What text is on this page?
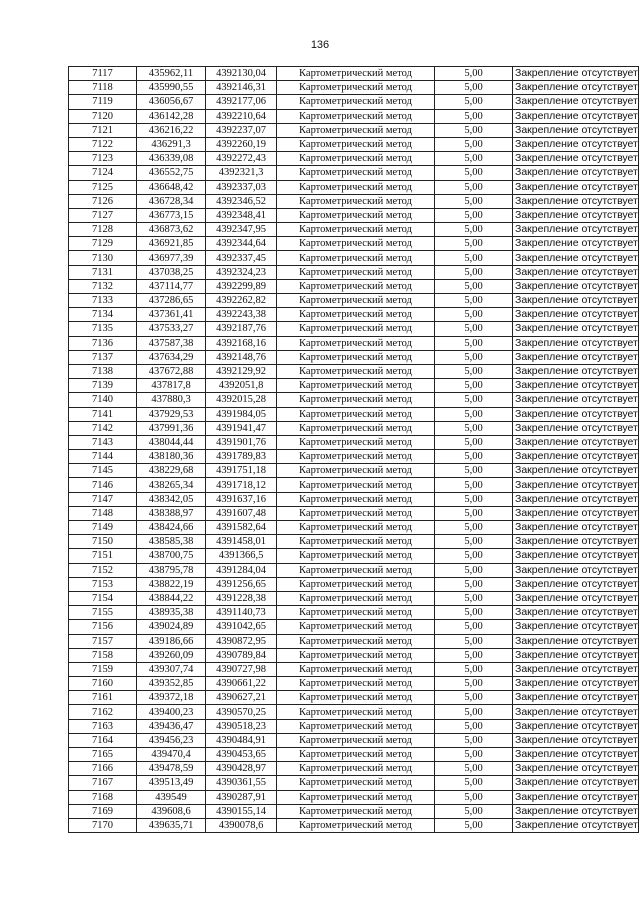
136
7117	435962,11	4392130,04	Картометрический метод	5,00	Закрепление отсутствует
7118	435990,55	4392146,31	Картометрический метод	5,00	Закрепление отсутствует
7119	436056,67	4392177,06	Картометрический метод	5,00	Закрепление отсутствует
7120	436142,28	4392210,64	Картометрический метод	5,00	Закрепление отсутствует
7121	436216,22	4392237,07	Картометрический метод	5,00	Закрепление отсутствует
7122	436291,3	4392260,19	Картометрический метод	5,00	Закрепление отсутствует
7123	436339,08	4392272,43	Картометрический метод	5,00	Закрепление отсутствует
7124	436552,75	4392321,3	Картометрический метод	5,00	Закрепление отсутствует
7125	436648,42	4392337,03	Картометрический метод	5,00	Закрепление отсутствует
7126	436728,34	4392346,52	Картометрический метод	5,00	Закрепление отсутствует
7127	436773,15	4392348,41	Картометрический метод	5,00	Закрепление отсутствует
7128	436873,62	4392347,95	Картометрический метод	5,00	Закрепление отсутствует
7129	436921,85	4392344,64	Картометрический метод	5,00	Закрепление отсутствует
7130	436977,39	4392337,45	Картометрический метод	5,00	Закрепление отсутствует
7131	437038,25	4392324,23	Картометрический метод	5,00	Закрепление отсутствует
7132	437114,77	4392299,89	Картометрический метод	5,00	Закрепление отсутствует
7133	437286,65	4392262,82	Картометрический метод	5,00	Закрепление отсутствует
7134	437361,41	4392243,38	Картометрический метод	5,00	Закрепление отсутствует
7135	437533,27	4392187,76	Картометрический метод	5,00	Закрепление отсутствует
7136	437587,38	4392168,16	Картометрический метод	5,00	Закрепление отсутствует
7137	437634,29	4392148,76	Картометрический метод	5,00	Закрепление отсутствует
7138	437672,88	4392129,92	Картометрический метод	5,00	Закрепление отсутствует
7139	437817,8	4392051,8	Картометрический метод	5,00	Закрепление отсутствует
7140	437880,3	4392015,28	Картометрический метод	5,00	Закрепление отсутствует
7141	437929,53	4391984,05	Картометрический метод	5,00	Закрепление отсутствует
7142	437991,36	4391941,47	Картометрический метод	5,00	Закрепление отсутствует
7143	438044,44	4391901,76	Картометрический метод	5,00	Закрепление отсутствует
7144	438180,36	4391789,83	Картометрический метод	5,00	Закрепление отсутствует
7145	438229,68	4391751,18	Картометрический метод	5,00	Закрепление отсутствует
7146	438265,34	4391718,12	Картометрический метод	5,00	Закрепление отсутствует
7147	438342,05	4391637,16	Картометрический метод	5,00	Закрепление отсутствует
7148	438388,97	4391607,48	Картометрический метод	5,00	Закрепление отсутствует
7149	438424,66	4391582,64	Картометрический метод	5,00	Закрепление отсутствует
7150	438585,38	4391458,01	Картометрический метод	5,00	Закрепление отсутствует
7151	438700,75	4391366,5	Картометрический метод	5,00	Закрепление отсутствует
7152	438795,78	4391284,04	Картометрический метод	5,00	Закрепление отсутствует
7153	438822,19	4391256,65	Картометрический метод	5,00	Закрепление отсутствует
7154	438844,22	4391228,38	Картометрический метод	5,00	Закрепление отсутствует
7155	438935,38	4391140,73	Картометрический метод	5,00	Закрепление отсутствует
7156	439024,89	4391042,65	Картометрический метод	5,00	Закрепление отсутствует
7157	439186,66	4390872,95	Картометрический метод	5,00	Закрепление отсутствует
7158	439260,09	4390789,84	Картометрический метод	5,00	Закрепление отсутствует
7159	439307,74	4390727,98	Картометрический метод	5,00	Закрепление отсутствует
7160	439352,85	4390661,22	Картометрический метод	5,00	Закрепление отсутствует
7161	439372,18	4390627,21	Картометрический метод	5,00	Закрепление отсутствует
7162	439400,23	4390570,25	Картометрический метод	5,00	Закрепление отсутствует
7163	439436,47	4390518,23	Картометрический метод	5,00	Закрепление отсутствует
7164	439456,23	4390484,91	Картометрический метод	5,00	Закрепление отсутствует
7165	439470,4	4390453,65	Картометрический метод	5,00	Закрепление отсутствует
7166	439478,59	4390428,97	Картометрический метод	5,00	Закрепление отсутствует
7167	439513,49	4390361,55	Картометрический метод	5,00	Закрепление отсутствует
7168	439549	4390287,91	Картометрический метод	5,00	Закрепление отсутствует
7169	439608,6	4390155,14	Картометрический метод	5,00	Закрепление отсутствует
7170	439635,71	4390078,6	Картометрический метод	5,00	Закрепление отсутствует
